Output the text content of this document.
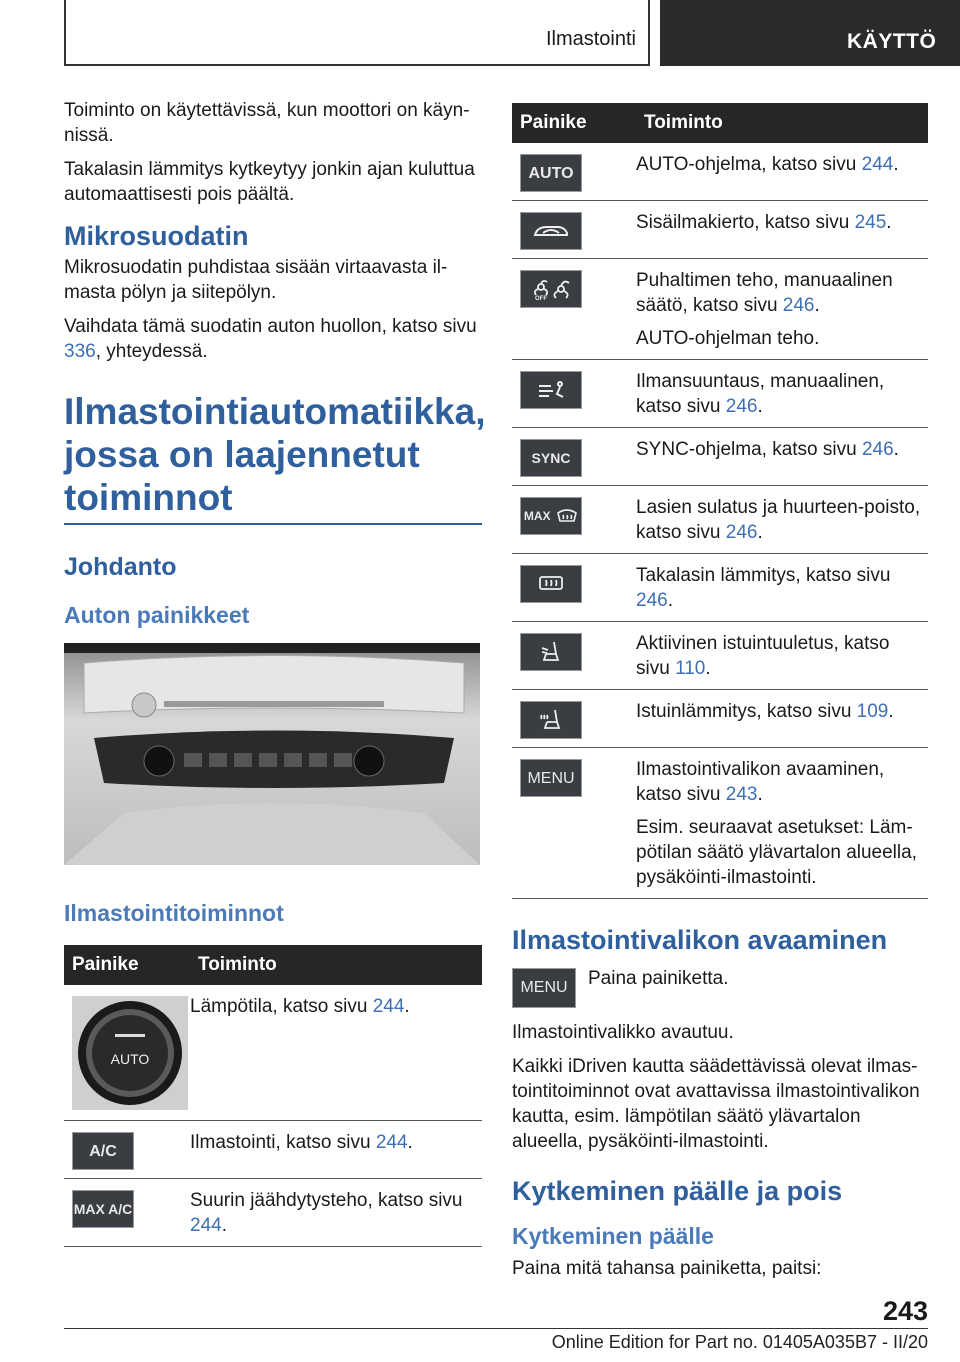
Ilmastointi	KÄYTTÖ

Toiminto on käytettävissä, kun moottori on käyn-nissä.

Takalasin lämmitys kytkeytyy jonkin ajan kuluttua automaattisesti pois päältä.

Mikrosuodatin

Mikrosuodatin puhdistaa sisään virtaavasta il-masta pölyn ja siitepölyn.

Vaihdata tämä suodatin auton huollon, katso sivu 336, yhteydessä.

Ilmastointiautomatiikka, jossa on laajennetut toiminnot
Johdanto
Auton painikkeet
Ilmastointitoiminnot
Painike	Toiminto

AUTO	Lämpötila, katso sivu 244.

A/C	Ilmastointi, katso sivu 244.

MAX A/C	Suurin jäähdytysteho, katso sivu 244.
Painike	Toiminto

AUTO	AUTO-ohjelma, katso sivu 244.

	Sisäilmakierto, katso sivu 245.

OFF	Puhaltimen teho, manuaalinen säätö, katso sivu 246.
AUTO-ohjelman teho.

	Ilmansuuntaus, manuaalinen, katso sivu 246.

SYNC	SYNC-ohjelma, katso sivu 246.

MAX	Lasien sulatus ja huurteen-poisto, katso sivu 246.

	Takalasin lämmitys, katso sivu 246.

	Aktiivinen istuintuuletus, katso sivu 110.

	Istuinlämmitys, katso sivu 109.

MENU	Ilmastointivalikon avaaminen, katso sivu 243.
Esim. seuraavat asetukset: Läm-pötilan säätö ylävartalon alueella, pysäköinti-ilmastointi.
Ilmastointivalikon avaaminen
MENU	Paina painiketta.

Ilmastointivalikko avautuu.

Kaikki iDriven kautta säädettävissä olevat ilmas-tointitoiminnot ovat avattavissa ilmastointivalikon kautta, esim. lämpötilan säätö ylävartalon alueella, pysäköinti-ilmastointi.

Kytkeminen päälle ja pois
Kytkeminen päälle

Paina mitä tahansa painiketta, paitsi:

243
Online Edition for Part no. 01405A035B7 - II/20
